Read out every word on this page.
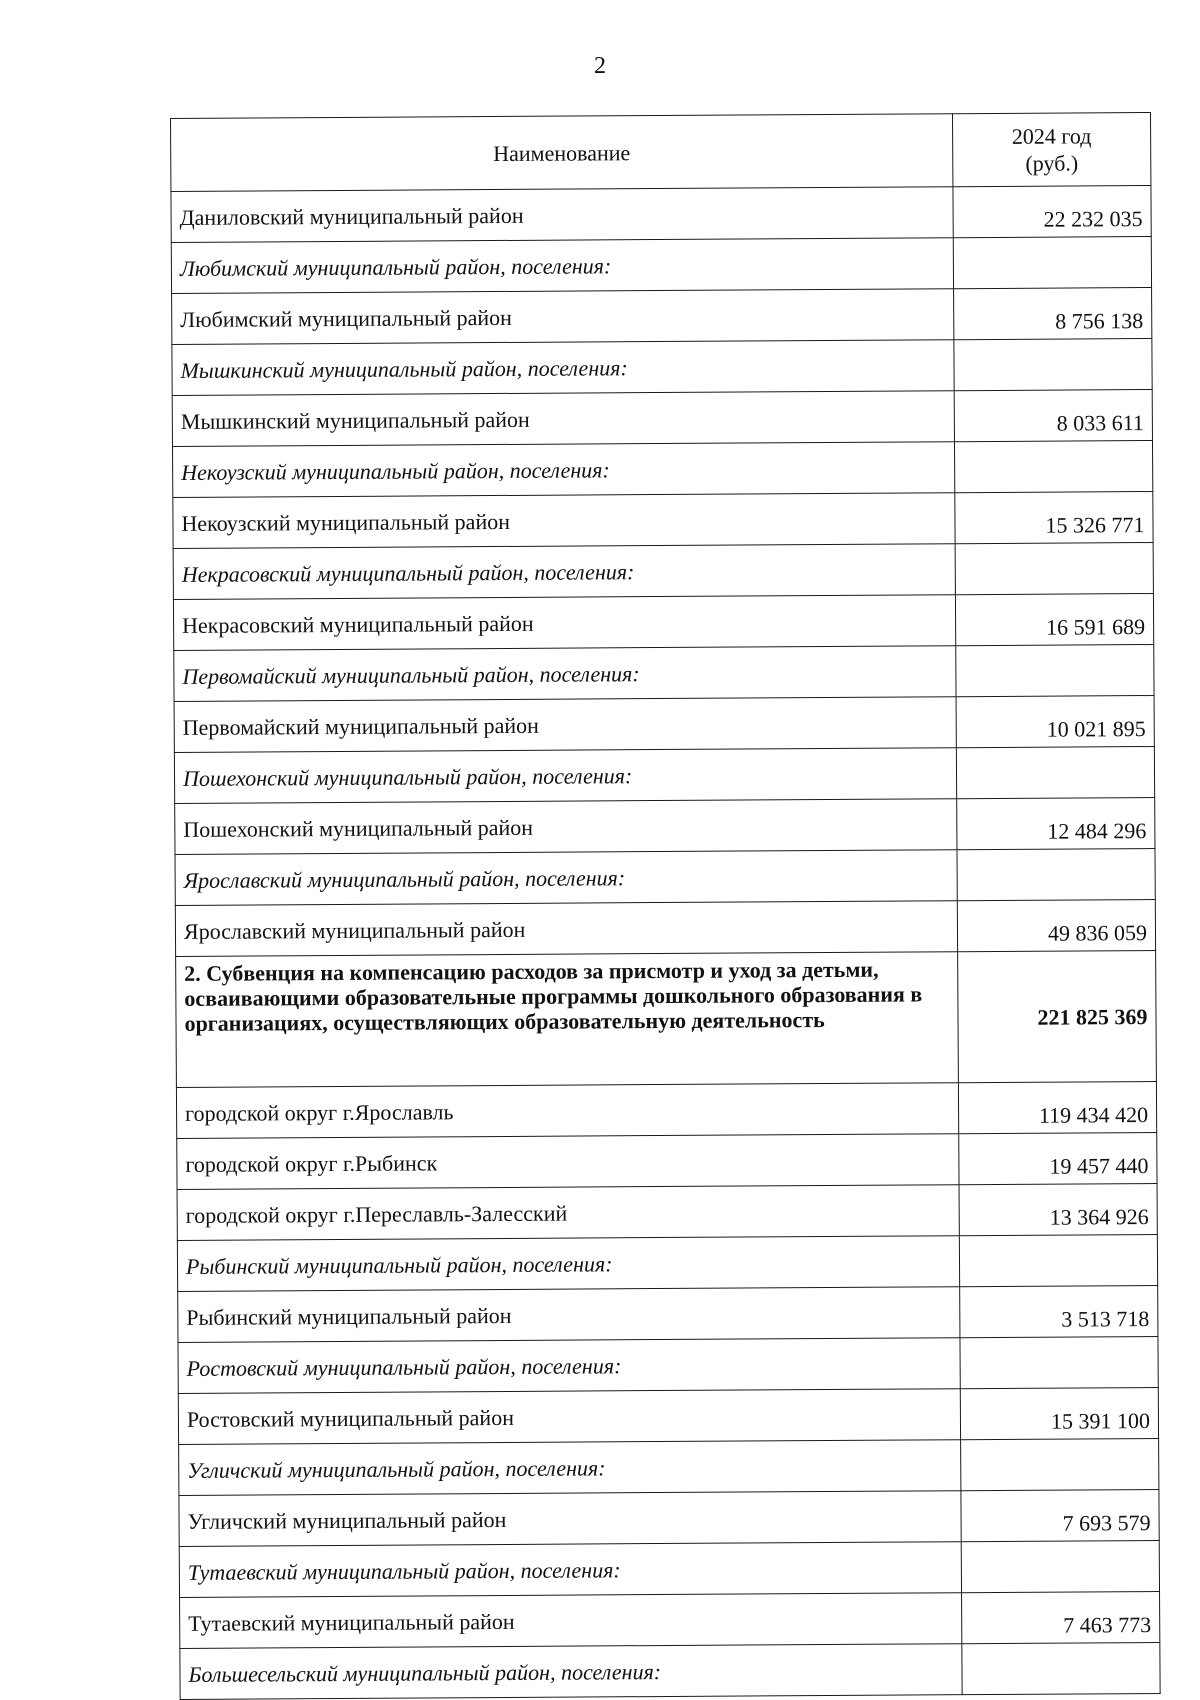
2
Наименование	2024 год
(руб.)

Даниловский муниципальный район	22 232 035
Любимский муниципальный район, поселения:	
Любимский муниципальный район	8 756 138
Мышкинский муниципальный район, поселения:	
Мышкинский муниципальный район	8 033 611
Некоузский муниципальный район, поселения:	
Некоузский муниципальный район	15 326 771
Некрасовский муниципальный район, поселения:	
Некрасовский муниципальный район	16 591 689
Первомайский муниципальный район, поселения:	
Первомайский муниципальный район	10 021 895
Пошехонский муниципальный район, поселения:	
Пошехонский муниципальный район	12 484 296
Ярославский муниципальный район, поселения:	
Ярославский муниципальный район	49 836 059
2. Субвенция на компенсацию расходов за присмотр и уход за детьми, осваивающими образовательные программы дошкольного образования в организациях, осуществляющих образовательную деятельность	221 825 369
городской округ г.Ярославль	119 434 420
городской округ г.Рыбинск	19 457 440
городской округ г.Переславль-Залесский	13 364 926
Рыбинский муниципальный район, поселения:	
Рыбинский муниципальный район	3 513 718
Ростовский муниципальный район, поселения:	
Ростовский муниципальный район	15 391 100
Угличский муниципальный район, поселения:	
Угличский муниципальный район	7 693 579
Тутаевский муниципальный район, поселения:	
Тутаевский муниципальный район	7 463 773
Большесельский муниципальный район, поселения:	
